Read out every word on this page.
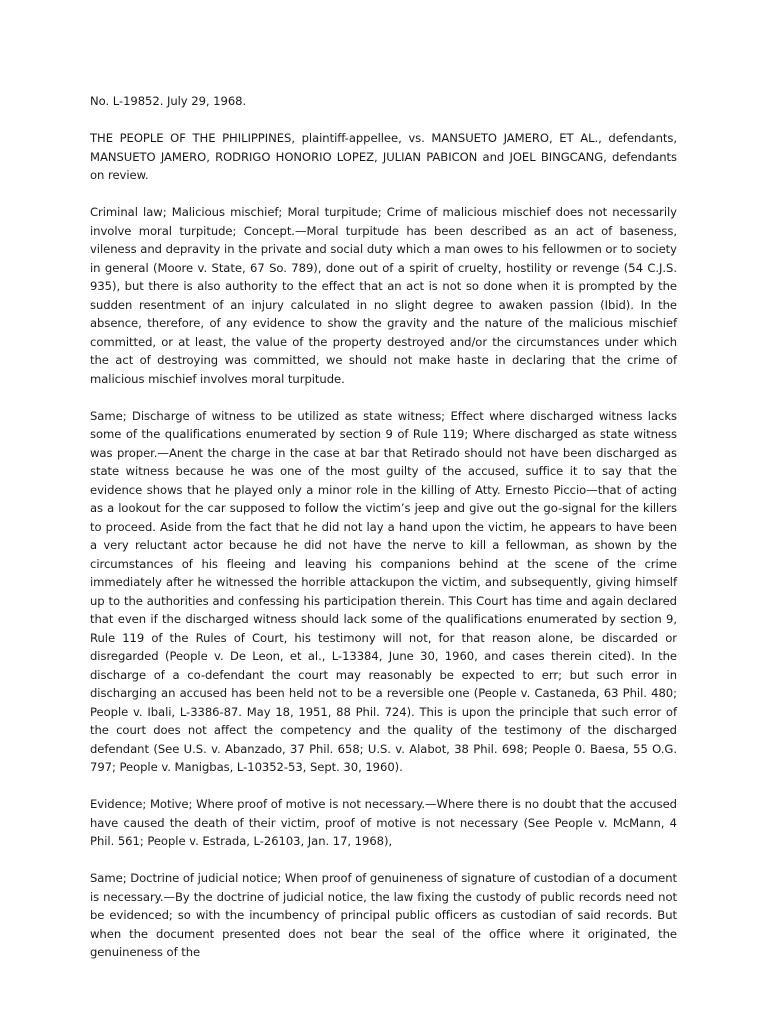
No. L-19852. July 29, 1968.

THE PEOPLE OF THE PHILIPPINES, plaintiff-appellee, vs. MANSUETO JAMERO, ET AL., defendants, MANSUETO JAMERO, RODRIGO HONORIO LOPEZ, JULIAN PABICON and JOEL BINGCANG, defendants on review.

Criminal law; Malicious mischief; Moral turpitude; Crime of malicious mischief does not necessarily involve moral turpitude; Concept.—Moral turpitude has been described as an act of baseness, vileness and depravity in the private and social duty which a man owes to his fellowmen or to society in general (Moore v. State, 67 So. 789), done out of a spirit of cruelty, hostility or revenge (54 C.J.S. 935), but there is also authority to the effect that an act is not so done when it is prompted by the sudden resentment of an injury calculated in no slight degree to awaken passion (Ibid). In the absence, therefore, of any evidence to show the gravity and the nature of the malicious mischief committed, or at least, the value of the property destroyed and/or the circumstances under which the act of destroying was committed, we should not make haste in declaring that the crime of malicious mischief involves moral turpitude.

Same; Discharge of witness to be utilized as state witness; Effect where discharged witness lacks some of the qualifications enumerated by section 9 of Rule 119; Where discharged as state witness was proper.—Anent the charge in the case at bar that Retirado should not have been discharged as state witness because he was one of the most guilty of the accused, suffice it to say that the evidence shows that he played only a minor role in the killing of Atty. Ernesto Piccio—that of acting as a lookout for the car supposed to follow the victim’s jeep and give out the go-signal for the killers to proceed. Aside from the fact that he did not lay a hand upon the victim, he appears to have been a very reluctant actor because he did not have the nerve to kill a fellowman, as shown by the circumstances of his fleeing and leaving his companions behind at the scene of the crime immediately after he witnessed the horrible attackupon the victim, and subsequently, giving himself up to the authorities and confessing his participation therein. This Court has time and again declared that even if the discharged witness should lack some of the qualifications enumerated by section 9, Rule 119 of the Rules of Court, his testimony will not, for that reason alone, be discarded or disregarded (People v. De Leon, et al., L-13384, June 30, 1960, and cases therein cited). In the discharge of a co-defendant the court may reasonably be expected to err; but such error in discharging an accused has been held not to be a reversible one (People v. Castaneda, 63 Phil. 480; People v. Ibali, L-3386-87. May 18, 1951, 88 Phil. 724). This is upon the principle that such error of the court does not affect the competency and the quality of the testimony of the discharged defendant (See U.S. v. Abanzado, 37 Phil. 658; U.S. v. Alabot, 38 Phil. 698; People 0. Baesa, 55 O.G. 797; People v. Manigbas, L-10352-53, Sept. 30, 1960).

Evidence; Motive; Where proof of motive is not necessary.—Where there is no doubt that the accused have caused the death of their victim, proof of motive is not necessary (See People v. McMann, 4 Phil. 561; People v. Estrada, L-26103, Jan. 17, 1968),

Same; Doctrine of judicial notice; When proof of genuineness of signature of custodian of a document is necessary.—By the doctrine of judicial notice, the law fixing the custody of public records need not be evidenced; so with the incumbency of principal public officers as custodian of said records. But when the document presented does not bear the seal of the office where it originated, the genuineness of the
